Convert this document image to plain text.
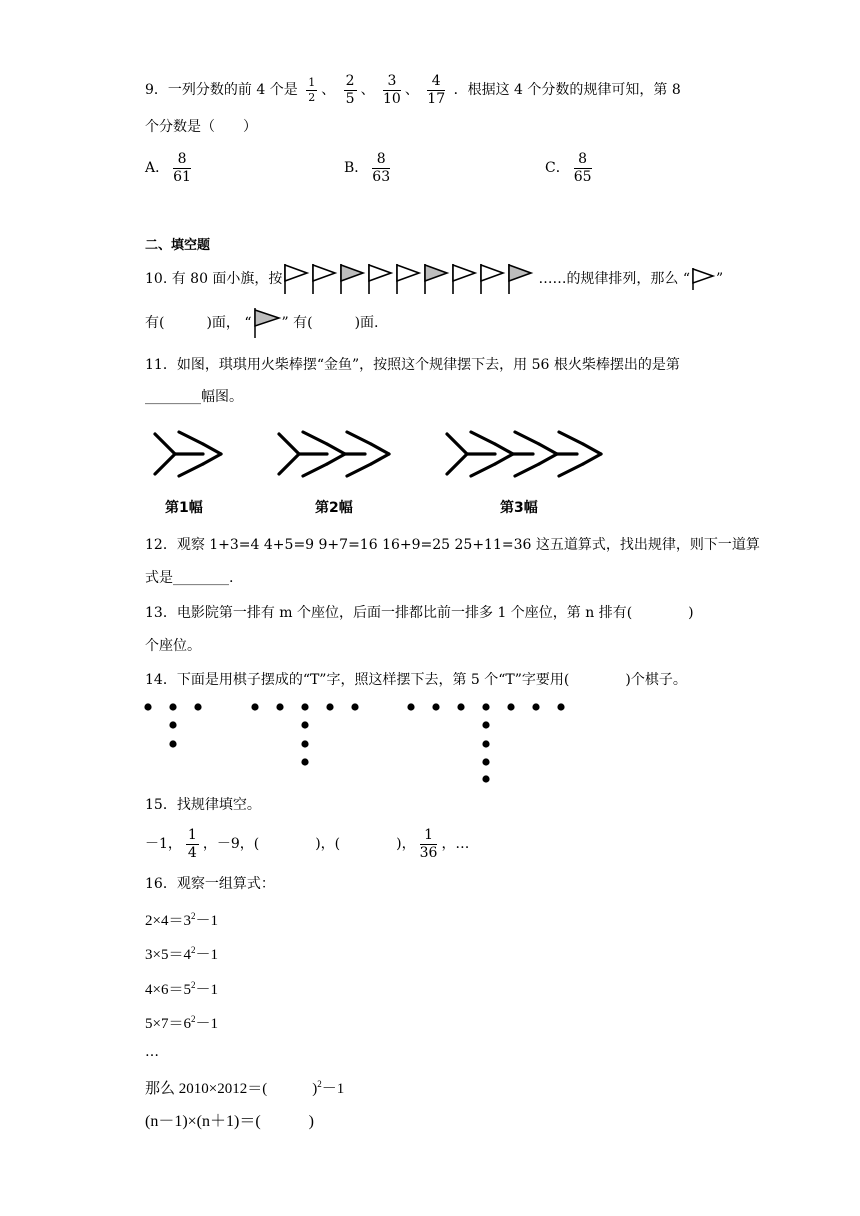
9．一列分数的前 4 个是 $\frac{1}{2}$ 、 $\frac{2}{5}$ 、 $\frac{3}{10}$ 、 $\frac{4}{17}$ ．根据这 4 个分数的规律可知，第 8
个分数是（　　）
A． $\frac{8}{61}$	B． $\frac{8}{63}$	C． $\frac{8}{65}$
二、填空题
10. 有 80 面小旗，按	……的规律排列，那么 “ ”
有(　　　)面， “ ” 有(　　　)面.
11．如图，琪琪用火柴棒摆“金鱼”，按照这个规律摆下去，用 56 根火柴棒摆出的是第
________幅图。
第1幅	第2幅	第3幅
12．观察 1+3=4 4+5=9 9+7=16 16+9=25 25+11=36 这五道算式，找出规律，则下一道算
式是________.
13．电影院第一排有 m 个座位，后面一排都比前一排多 1 个座位，第 n 排有(　　　　)
个座位。
14．下面是用棋子摆成的“T”字，照这样摆下去，第 5 个“T”字要用(　　　　)个棋子。
15．找规律填空。
－1， $\frac{1}{4}$ ，－9，(　　　　)，(　　　　)， $\frac{1}{36}$ ，…
16．观察一组算式：
$2\times 4=3^2-1$
$3\times 5=4^2-1$
$4\times 6=5^2-1$
$5\times 7=6^2-1$
…
那么 2010×2012＝(　　　)$^2$－1
(n－1)×(n＋1)＝(　　　)
